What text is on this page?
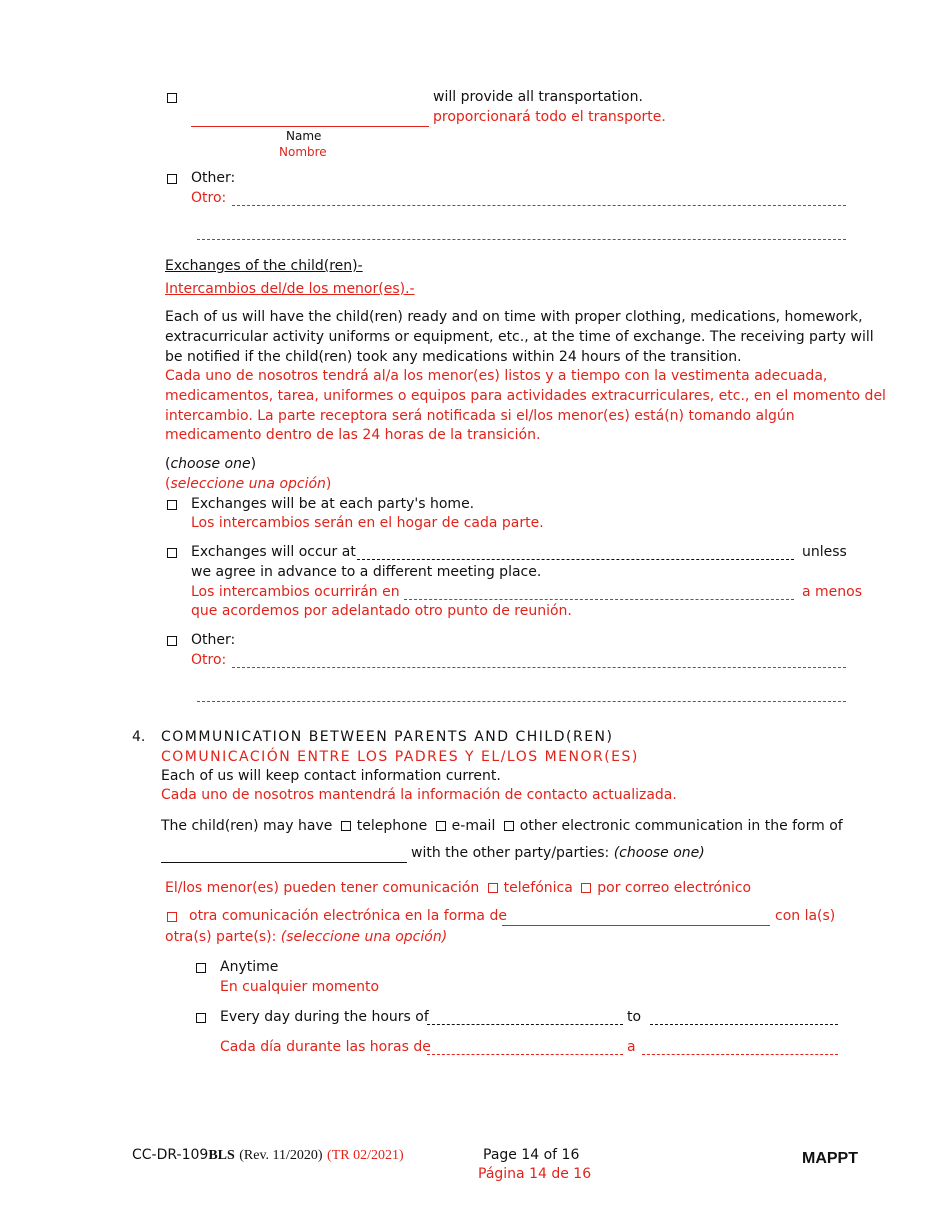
will provide all transportation.
proporcionará todo el transporte.
Name
Nombre
Other:
Otro:
Exchanges of the child(ren)-
Intercambios del/de los menor(es).-
Each of us will have the child(ren) ready and on time with proper clothing, medications, homework,
extracurricular activity uniforms or equipment, etc., at the time of exchange. The receiving party will
be notified if the child(ren) took any medications within 24 hours of the transition.
Cada uno de nosotros tendrá al/a los menor(es) listos y a tiempo con la vestimenta adecuada,
medicamentos, tarea, uniformes o equipos para actividades extracurriculares, etc., en el momento del
intercambio. La parte receptora será notificada si el/los menor(es) está(n) tomando algún
medicamento dentro de las 24 horas de la transición.
(choose one)
(seleccione una opción)
Exchanges will be at each party's home.
Los intercambios serán en el hogar de cada parte.
Exchanges will occur at	unless
we agree in advance to a different meeting place.
Los intercambios ocurrirán en	a menos
que acordemos por adelantado otro punto de reunión.
Other:
Otro:
4. COMMUNICATION BETWEEN PARENTS AND CHILD(REN)
COMUNICACIÓN ENTRE LOS PADRES Y EL/LOS MENOR(ES)
Each of us will keep contact information current.
Cada uno de nosotros mantendrá la información de contacto actualizada.
The child(ren) may have telephone e-mail other electronic communication in the form of
with the other party/parties: (choose one)
El/los menor(es) pueden tener comunicación telefónica por correo electrónico
otra comunicación electrónica en la forma de	con la(s)
otra(s) parte(s): (seleccione una opción)
Anytime
En cualquier momento
Every day during the hours of	to
Cada día durante las horas de	a
CC-DR-109BLS (Rev. 11/2020) (TR 02/2021)	Page 14 of 16
Página 14 de 16
MAPPT
